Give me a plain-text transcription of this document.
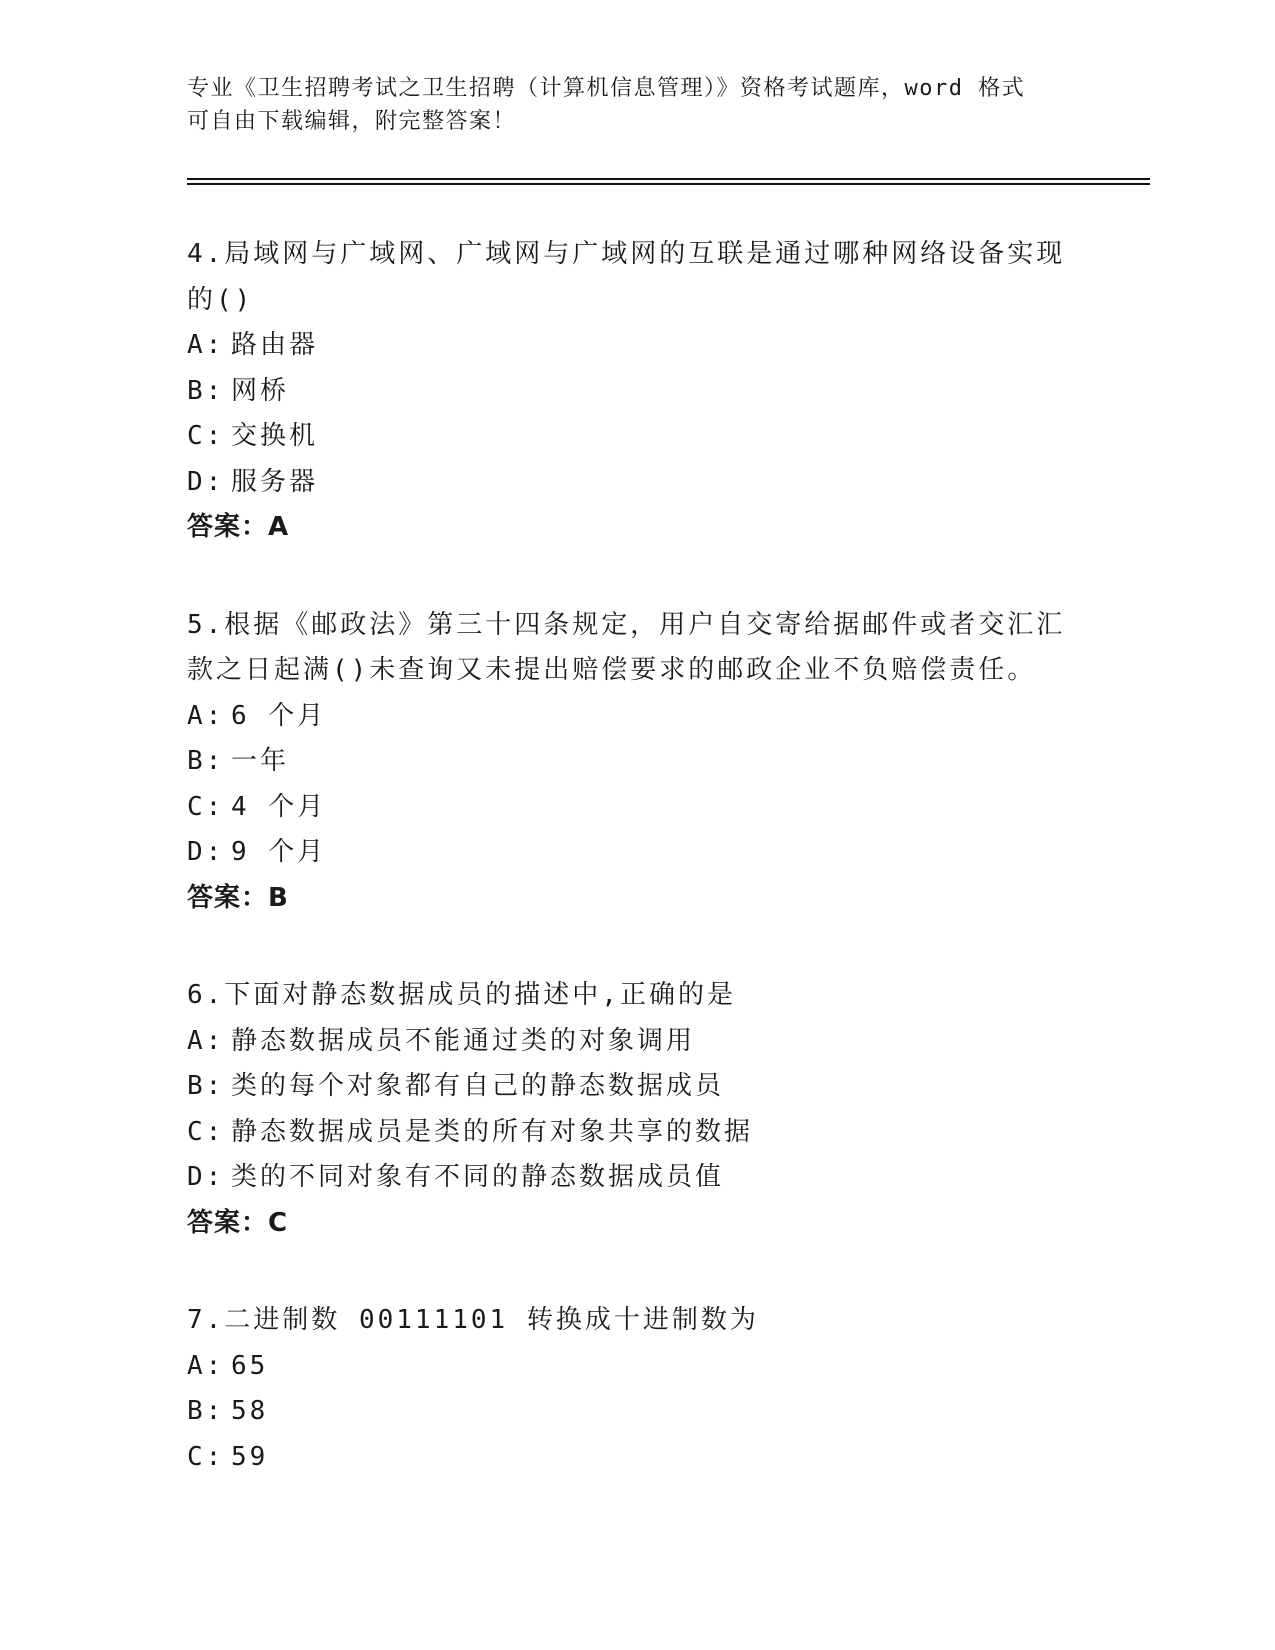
专业《卫生招聘考试之卫生招聘（计算机信息管理）》资格考试题库，word 格式
可自由下载编辑，附完整答案！
4.局域网与广域网、广域网与广域网的互联是通过哪种网络设备实现
的()
A: 路由器
B: 网桥
C: 交换机
D: 服务器
答案：A
5.根据《邮政法》第三十四条规定，用户自交寄给据邮件或者交汇汇
款之日起满()未查询又未提出赔偿要求的邮政企业不负赔偿责任。
A: 6 个月
B: 一年
C: 4 个月
D: 9 个月
答案：B
6.下面对静态数据成员的描述中,正确的是
A: 静态数据成员不能通过类的对象调用
B: 类的每个对象都有自己的静态数据成员
C: 静态数据成员是类的所有对象共享的数据
D: 类的不同对象有不同的静态数据成员值
答案：C
7.二进制数 00111101 转换成十进制数为
A: 65
B: 58
C: 59
